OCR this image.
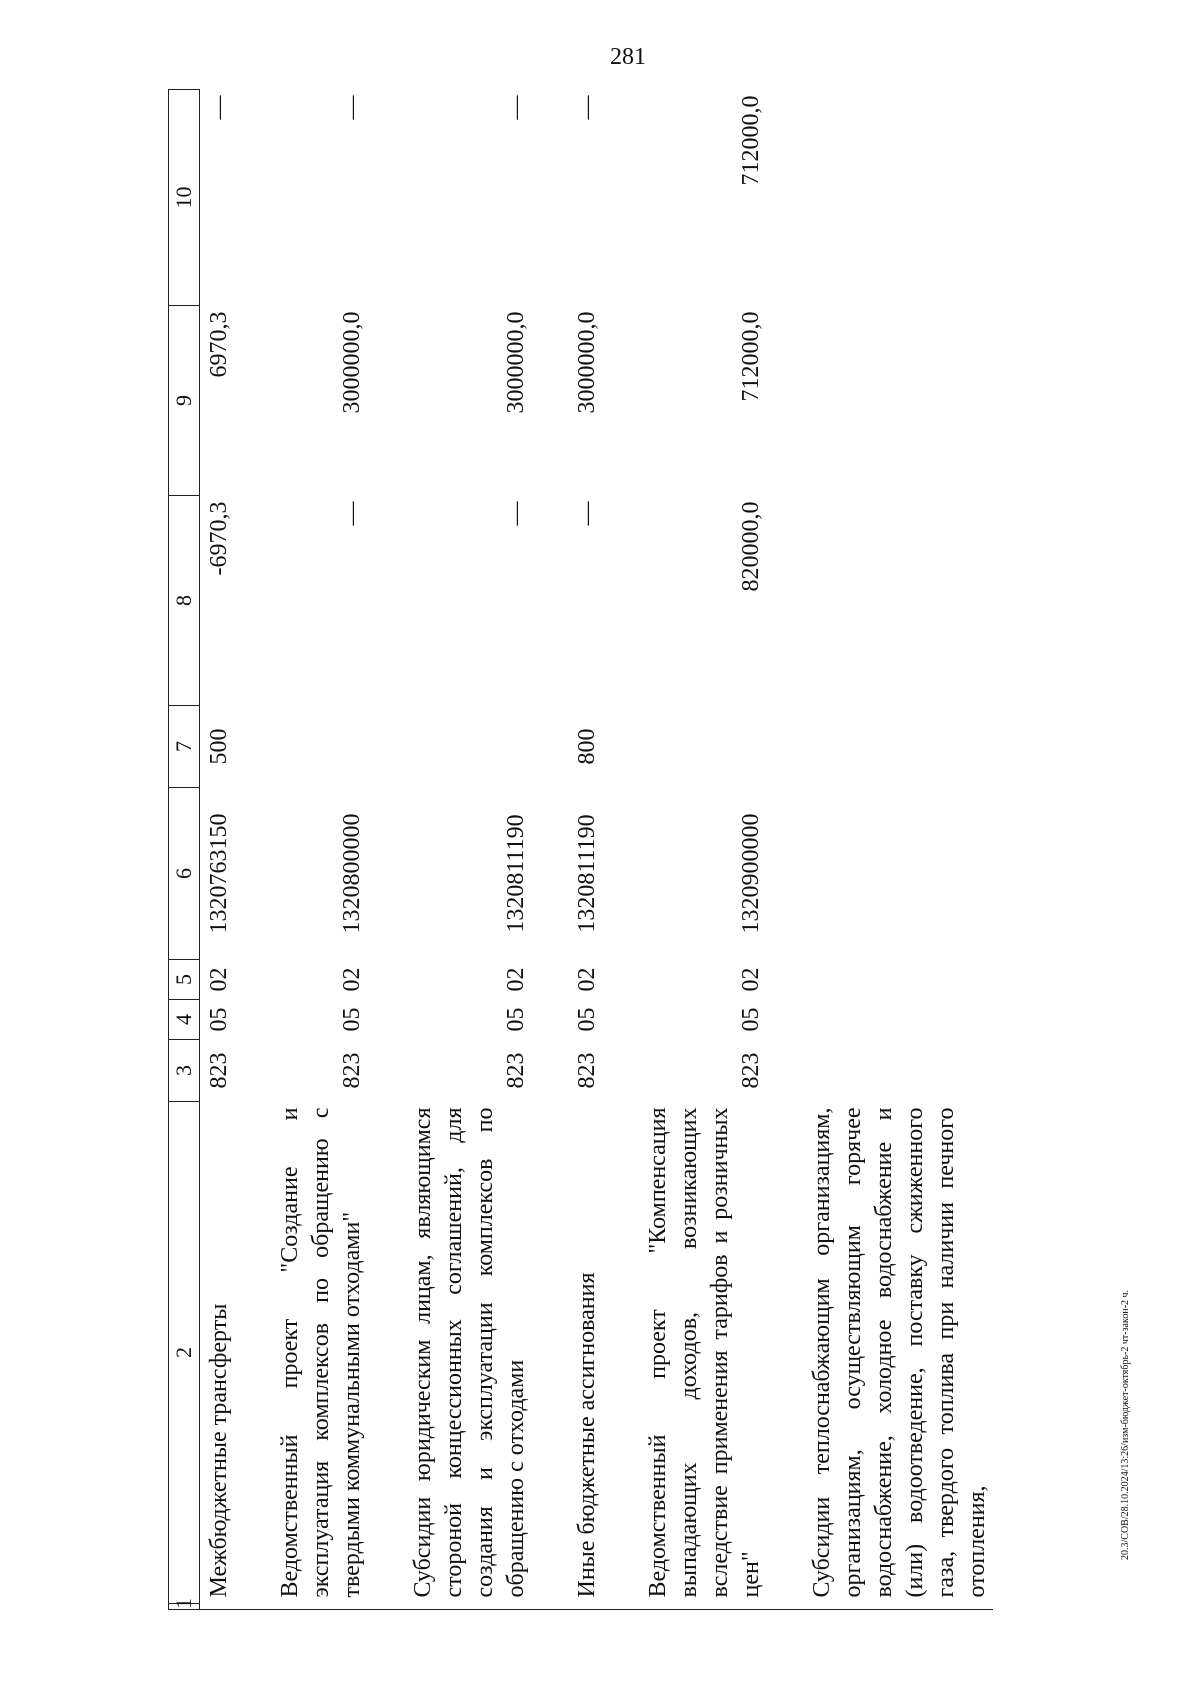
281
20.3/СОВ/28.10.2024/13:26/изм-бюджет-октябрь-2 чт-закон-2 ч.
1	2	3	4	5	6	7	8	9	10
	Межбюджетные трансферты	823	05	02	1320763150	500	-6970,3	6970,3	—

	Ведомственный проект "Создание и эксплуатация комплексов по обращению с твердыми коммунальными отходами"	823	05	02	1320800000		—	3000000,0	—

	Субсидии юридическим лицам, являющимся стороной концессионных соглашений, для создания и эксплуатации комплексов по обращению с отходами	823	05	02	1320811190		—	3000000,0	—

	Иные бюджетные ассигнования	823	05	02	1320811190	800	—	3000000,0	—

	Ведомственный проект "Компенсация выпадающих доходов, возникающих вследствие применения тарифов и розничных цен"	823	05	02	1320900000		820000,0	712000,0	712000,0

	Субсидии теплоснабжающим организациям, организациям, осуществляющим горячее водоснабжение, холодное водоснабжение и (или) водоотведение, поставку сжиженного газа, твердого топлива при наличии печного отопления,								
